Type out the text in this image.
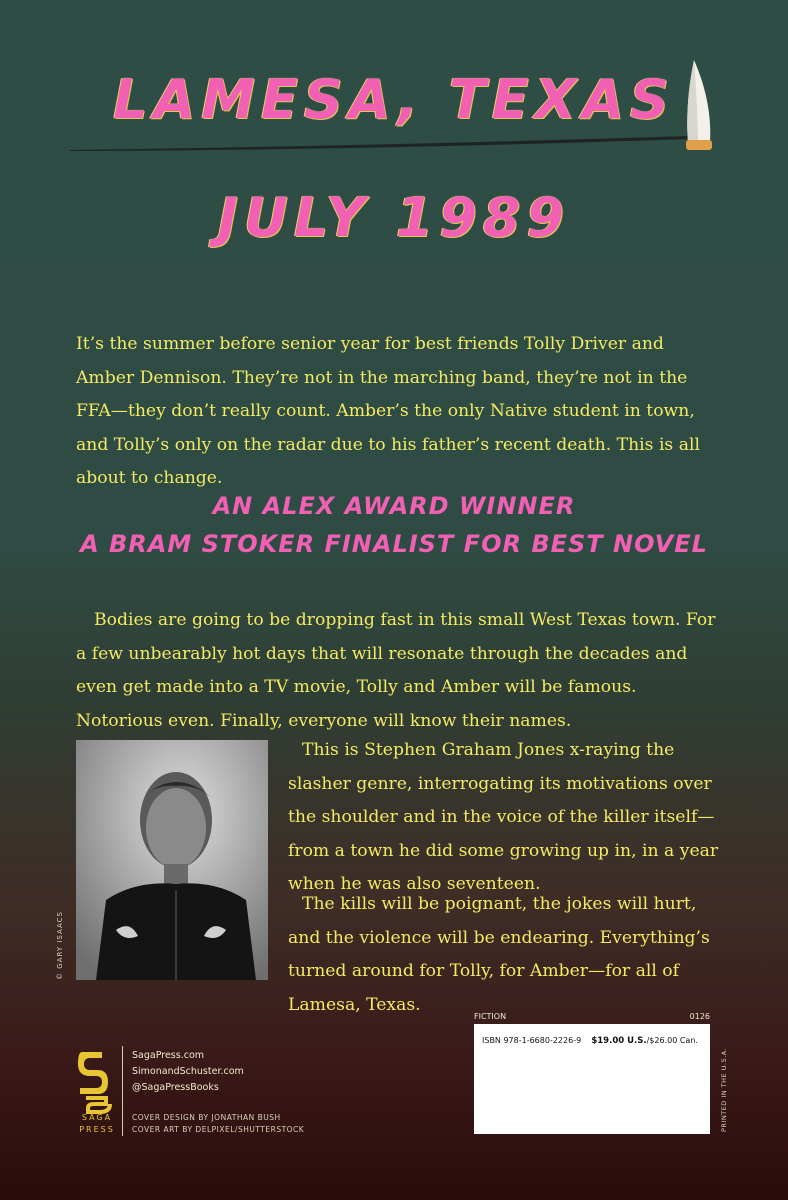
LAMESA, TEXAS
JULY 1989
It’s the summer before senior year for best friends Tolly Driver and Amber Dennison. They’re not in the marching band, they’re not in the FFA—they don’t really count. Amber’s the only Native student in town, and Tolly’s only on the radar due to his father’s recent death. This is all about to change.
AN ALEX AWARD WINNER
A BRAM STOKER FINALIST FOR BEST NOVEL
Bodies are going to be dropping fast in this small West Texas town. For a few unbearably hot days that will resonate through the decades and even get made into a TV movie, Tolly and Amber will be famous. Notorious even. Finally, everyone will know their names.
© GARY ISAACS
This is Stephen Graham Jones x-raying the slasher genre, interrogating its motivations over the shoulder and in the voice of the killer itself—from a town he did some growing up in, in a year when he was also seventeen.
The kills will be poignant, the jokes will hurt, and the violence will be endearing. Everything’s turned around for Tolly, for Amber—for all of Lamesa, Texas.
SAGA PRESS
SagaPress.com
SimonandSchuster.com
@SagaPressBooks
COVER DESIGN BY JONATHAN BUSH
COVER ART BY DELPIXEL/SHUTTERSTOCK
FICTION	0126
ISBN 978-1-6680-2226-9 $19.00 U.S./$26.00 Can.
PRINTED IN THE U.S.A.
